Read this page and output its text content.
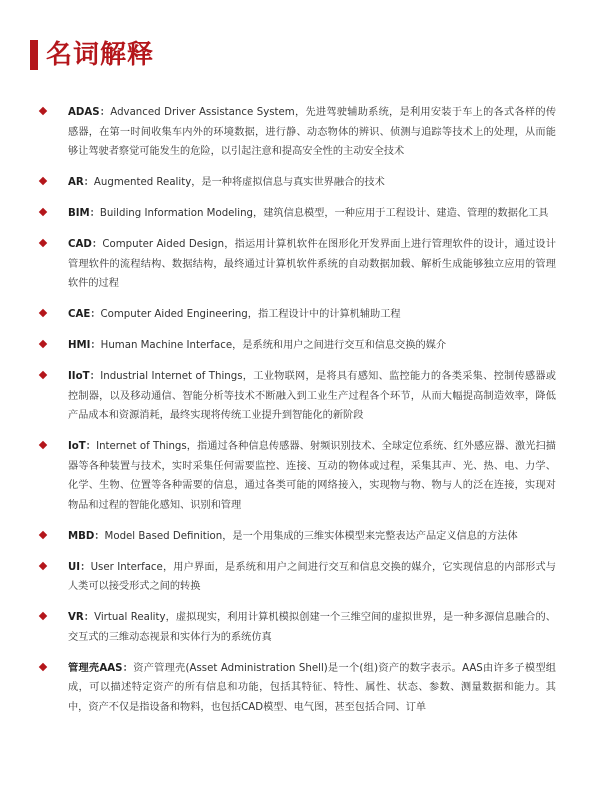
名词解释
ADAS：Advanced Driver Assistance System，先进驾驶辅助系统，是利用安装于车上的各式各样的传感器，在第一时间收集车内外的环境数据，进行静、动态物体的辨识、侦测与追踪等技术上的处理，从而能够让驾驶者察觉可能发生的危险，以引起注意和提高安全性的主动安全技术
AR：Augmented Reality，是一种将虚拟信息与真实世界融合的技术
BIM：Building Information Modeling，建筑信息模型，一种应用于工程设计、建造、管理的数据化工具
CAD：Computer Aided Design，指运用计算机软件在图形化开发界面上进行管理软件的设计，通过设计管理软件的流程结构、数据结构，最终通过计算机软件系统的自动数据加载、解析生成能够独立应用的管理软件的过程
CAE：Computer Aided Engineering，指工程设计中的计算机辅助工程
HMI：Human Machine Interface，是系统和用户之间进行交互和信息交换的媒介
IIoT：Industrial Internet of Things，工业物联网，是将具有感知、监控能力的各类采集、控制传感器或控制器，以及移动通信、智能分析等技术不断融入到工业生产过程各个环节，从而大幅提高制造效率，降低产品成本和资源消耗，最终实现将传统工业提升到智能化的新阶段
IoT：Internet of Things，指通过各种信息传感器、射频识别技术、全球定位系统、红外感应器、激光扫描器等各种装置与技术，实时采集任何需要监控、连接、互动的物体或过程，采集其声、光、热、电、力学、化学、生物、位置等各种需要的信息，通过各类可能的网络接入，实现物与物、物与人的泛在连接，实现对物品和过程的智能化感知、识别和管理
MBD：Model Based Definition，是一个用集成的三维实体模型来完整表达产品定义信息的方法体
UI：User Interface，用户界面，是系统和用户之间进行交互和信息交换的媒介，它实现信息的内部形式与人类可以接受形式之间的转换
VR：Virtual Reality，虚拟现实，利用计算机模拟创建一个三维空间的虚拟世界，是一种多源信息融合的、交互式的三维动态视景和实体行为的系统仿真
管理壳AAS：资产管理壳(Asset Administration Shell)是一个(组)资产的数字表示。AAS由许多子模型组成，可以描述特定资产的所有信息和功能，包括其特征、特性、属性、状态、参数、测量数据和能力。其中，资产不仅是指设备和物料，也包括CAD模型、电气图，甚至包括合同、订单
